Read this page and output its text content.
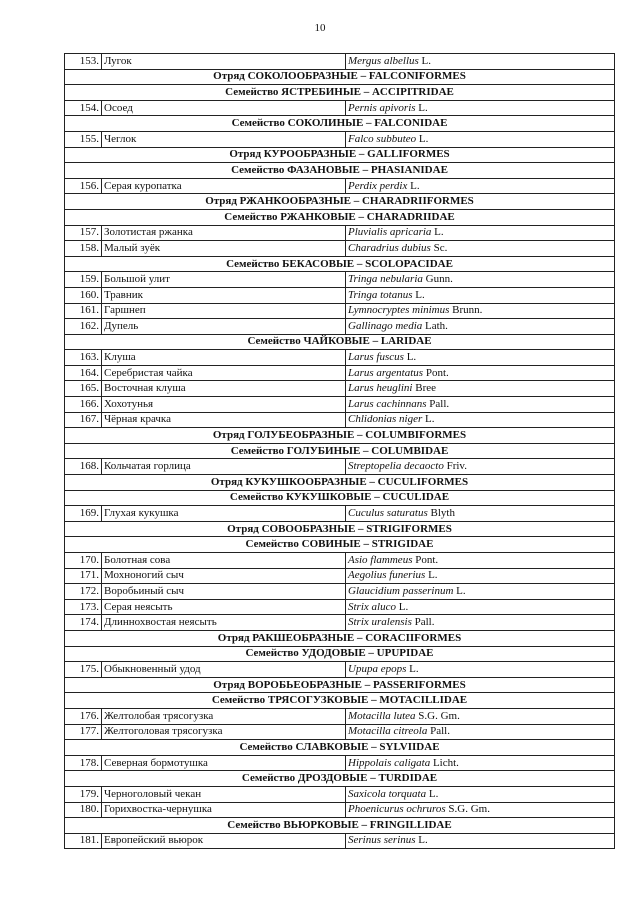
10
153.	Лугок	Mergus albellus L.
Отряд СОКОЛООБРАЗНЫЕ – FALCONIFORMES		
Семейство ЯСТРЕБИНЫЕ – ACCIPITRIDAE		
154.	Осоед	Pernis apivoris L.
Семейство СОКОЛИНЫЕ – FALCONIDAE		
155.	Чеглок	Falco subbuteo L.
Отряд КУРООБРАЗНЫЕ – GALLIFORMES		
Семейство ФАЗАНОВЫЕ – PHASIANIDAE		
156.	Серая куропатка	Perdix perdix L.
Отряд РЖАНКООБРАЗНЫЕ – CHARADRIIFORMES		
Семейство РЖАНКОВЫЕ – CHARADRIIDAE		
157.	Золотистая ржанка	Pluvialis apricaria L.
158.	Малый зуёк	Charadrius dubius Sc.
Семейство БЕКАСОВЫЕ – SCOLOPACIDAE		
159.	Большой улит	Tringa nebularia Gunn.
160.	Травник	Tringa totanus L.
161.	Гаршнеп	Lymnocryptes minimus Brunn.
162.	Дупель	Gallinago media Lath.
Семейство ЧАЙКОВЫЕ – LARIDAE		
163.	Клуша	Larus fuscus L.
164.	Серебристая чайка	Larus argentatus Pont.
165.	Восточная клуша	Larus heuglini Bree
166.	Хохотунья	Larus cachinnans Pall.
167.	Чёрная крачка	Chlidonias niger L.
Отряд ГОЛУБЕОБРАЗНЫЕ – COLUMBIFORMES		
Семейство ГОЛУБИНЫЕ – COLUMBIDAE		
168.	Кольчатая горлица	Streptopelia decaocto Friv.
Отряд КУКУШКООБРАЗНЫЕ – CUCULIFORMES		
Семейство КУКУШКОВЫЕ – CUCULIDAE		
169.	Глухая кукушка	Cuculus saturatus Blyth
Отряд СОВООБРАЗНЫЕ – STRIGIFORMES		
Семейство СОВИНЫЕ – STRIGIDAE		
170.	Болотная сова	Asio flammeus Pont.
171.	Мохноногий сыч	Aegolius funerius L.
172.	Воробьиный сыч	Glaucidium passerinum L.
173.	Серая неясыть	Strix aluco L.
174.	Длиннохвостая неясыть	Strix uralensis Pall.
Отряд РАКШЕОБРАЗНЫЕ – CORACIIFORMES		
Семейство УДОДОВЫЕ – UPUPIDAE		
175.	Обыкновенный удод	Upupa epops L.
Отряд ВОРОБЬЕОБРАЗНЫЕ – PASSERIFORMES		
Семейство ТРЯСОГУЗКОВЫЕ – MOTACILLIDAE		
176.	Желтолобая трясогузка	Motacilla lutea S.G. Gm.
177.	Желтоголовая трясогузка	Motacilla citreola Pall.
Семейство СЛАВКОВЫЕ – SYLVIIDAE		
178.	Северная бормотушка	Hippolais caligata Licht.
Семейство ДРОЗДОВЫЕ – TURDIDAE		
179.	Черноголовый чекан	Saxicola torquata L.
180.	Горихвостка-чернушка	Phoenicurus ochruros S.G. Gm.
Семейство ВЬЮРКОВЫЕ – FRINGILLIDAE		
181.	Европейский вьюрок	Serinus serinus L.
